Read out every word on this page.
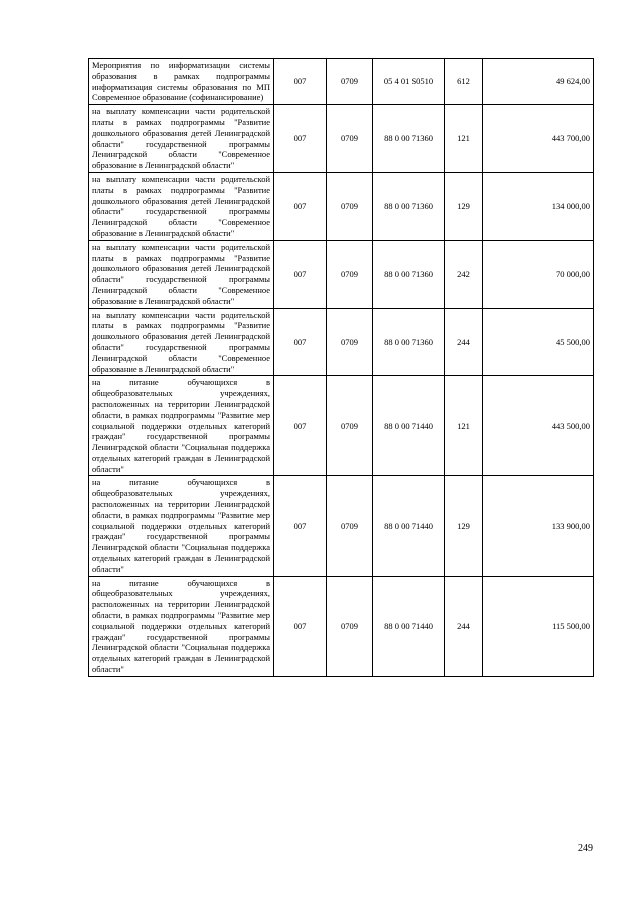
Мероприятия по информатизации системы образования в рамках подпрограммы информатизация системы образования по МП Современное образование (софинансирование)	007	0709	05 4 01 S0510	612	49 624,00
на выплату компенсации части родительской платы в рамках подпрограммы "Развитие дошкольного образования детей Ленинградской области" государственной программы Ленинградской области "Современное образование в Ленинградской области"	007	0709	88 0 00 71360	121	443 700,00
на выплату компенсации части родительской платы в рамках подпрограммы "Развитие дошкольного образования детей Ленинградской области" государственной программы Ленинградской области "Современное образование в Ленинградской области"	007	0709	88 0 00 71360	129	134 000,00
на выплату компенсации части родительской платы в рамках подпрограммы "Развитие дошкольного образования детей Ленинградской области" государственной программы Ленинградской области "Современное образование в Ленинградской области"	007	0709	88 0 00 71360	242	70 000,00
на выплату компенсации части родительской платы в рамках подпрограммы "Развитие дошкольного образования детей Ленинградской области" государственной программы Ленинградской области "Современное образование в Ленинградской области"	007	0709	88 0 00 71360	244	45 500,00
на питание обучающихся в общеобразовательных учреждениях, расположенных на территории Ленинградской области, в рамках подпрограммы "Развитие мер социальной поддержки отдельных категорий граждан" государственной программы Ленинградской области "Социальная поддержка отдельных категорий граждан в Ленинградской области"	007	0709	88 0 00 71440	121	443 500,00
на питание обучающихся в общеобразовательных учреждениях, расположенных на территории Ленинградской области, в рамках подпрограммы "Развитие мер социальной поддержки отдельных категорий граждан" государственной программы Ленинградской области "Социальная поддержка отдельных категорий граждан в Ленинградской области"	007	0709	88 0 00 71440	129	133 900,00
на питание обучающихся в общеобразовательных учреждениях, расположенных на территории Ленинградской области, в рамках подпрограммы "Развитие мер социальной поддержки отдельных категорий граждан" государственной программы Ленинградской области "Социальная поддержка отдельных категорий граждан в Ленинградской области"	007	0709	88 0 00 71440	244	115 500,00
249
